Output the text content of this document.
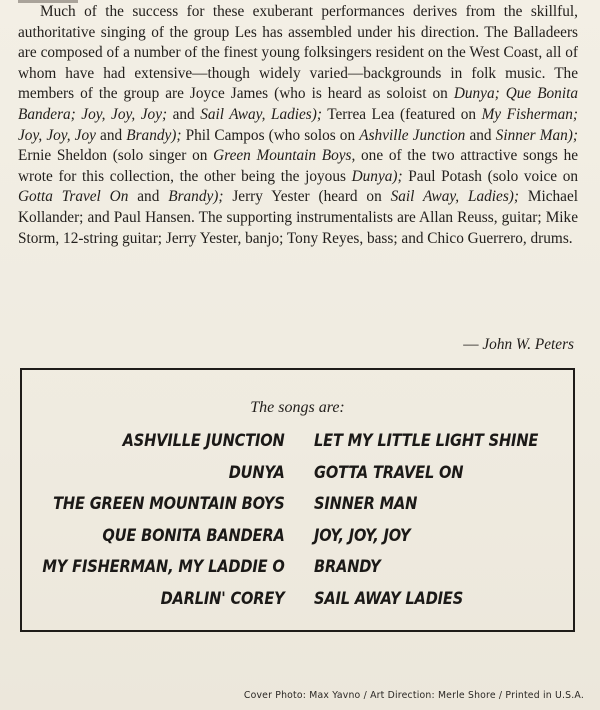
Much of the success for these exuberant performances derives from the skillful, authoritative singing of the group Les has assembled under his direction. The Balladeers are composed of a number of the finest young folksingers resident on the West Coast, all of whom have had extensive—though widely varied—backgrounds in folk music. The members of the group are Joyce James (who is heard as soloist on Dunya; Que Bonita Bandera; Joy, Joy, Joy; and Sail Away, Ladies); Terrea Lea (featured on My Fisherman; Joy, Joy, Joy and Brandy); Phil Campos (who solos on Ashville Junction and Sinner Man); Ernie Sheldon (solo singer on Green Mountain Boys, one of the two attractive songs he wrote for this collection, the other being the joyous Dunya); Paul Potash (solo voice on Gotta Travel On and Brandy); Jerry Yester (heard on Sail Away, Ladies); Michael Kollander; and Paul Hansen. The supporting instrumentalists are Allan Reuss, guitar; Mike Storm, 12-string guitar; Jerry Yester, banjo; Tony Reyes, bass; and Chico Guerrero, drums.

— John W. Peters
The songs are:
ASHVILLE JUNCTION
DUNYA
THE GREEN MOUNTAIN BOYS
QUE BONITA BANDERA
MY FISHERMAN, MY LADDIE O
DARLIN' COREY
LET MY LITTLE LIGHT SHINE
GOTTA TRAVEL ON
SINNER MAN
JOY, JOY, JOY
BRANDY
SAIL AWAY LADIES
Cover Photo: Max Yavno / Art Direction: Merle Shore / Printed in U.S.A.
